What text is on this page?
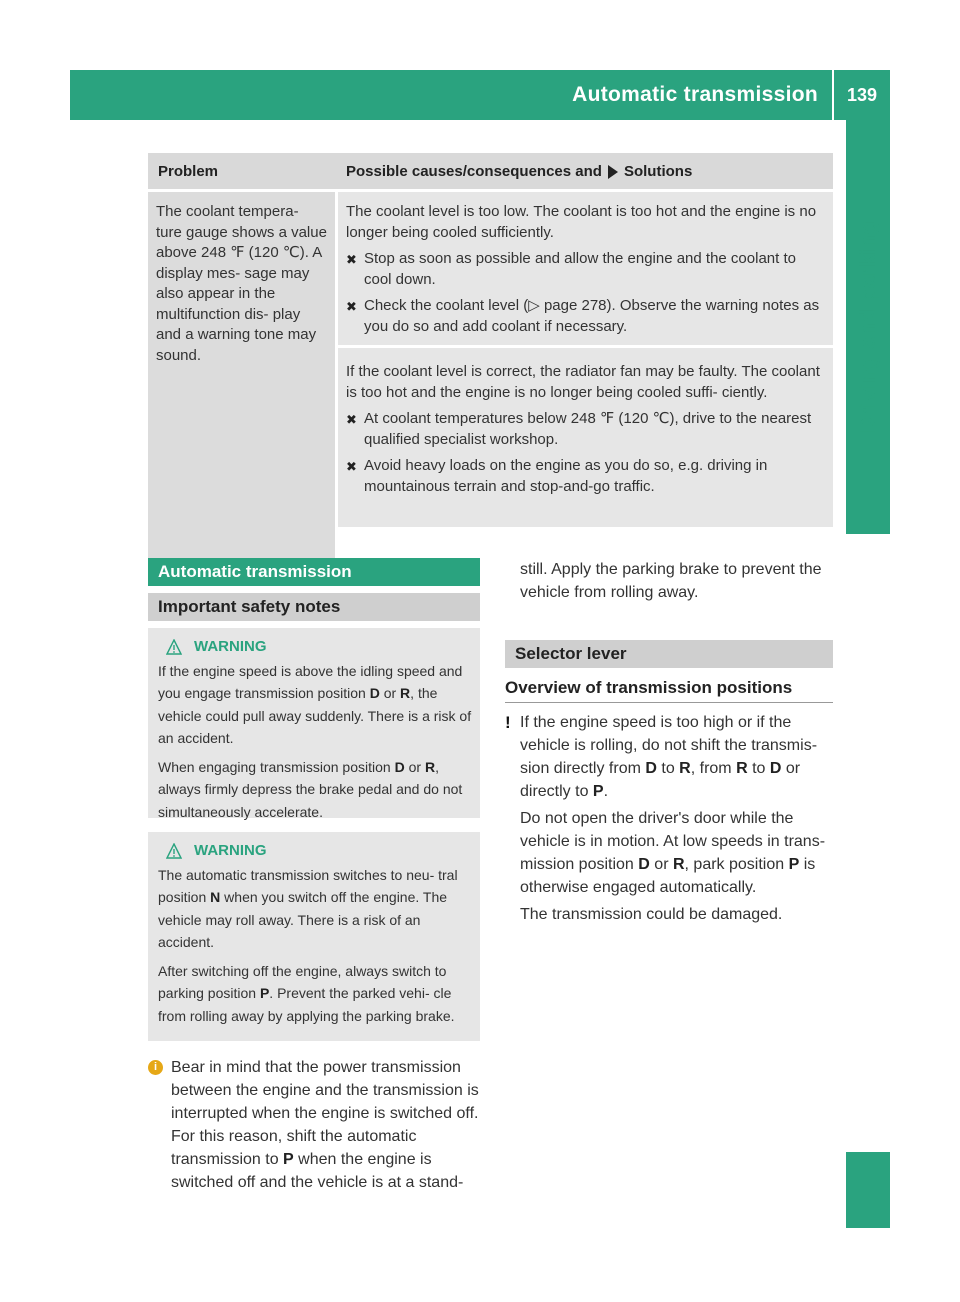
Automatic transmission	139
Driving and parking
Problem	Possible causes/consequences and Solutions
The coolant tempera- ture gauge shows a value above 248 ℉ (120 ℃). A display mes- sage may also appear in the multifunction dis- play and a warning tone may sound.

The coolant level is too low. The coolant is too hot and the engine is no longer being cooled sufficiently.

✖ Stop as soon as possible and allow the engine and the coolant to cool down.
✖ Check the coolant level (▷ page 278). Observe the warning notes as you do so and add coolant if necessary.

If the coolant level is correct, the radiator fan may be faulty. The coolant is too hot and the engine is no longer being cooled suffi- ciently.

✖ At coolant temperatures below 248 ℉ (120 ℃), drive to the nearest qualified specialist workshop.
✖ Avoid heavy loads on the engine as you do so, e.g. driving in mountainous terrain and stop-and-go traffic.
Automatic transmission
Important safety notes
WARNING

If the engine speed is above the idling speed and you engage transmission position D or R, the vehicle could pull away suddenly. There is a risk of an accident.

When engaging transmission position D or R, always firmly depress the brake pedal and do not simultaneously accelerate.

WARNING

The automatic transmission switches to neu- tral position N when you switch off the engine. The vehicle may roll away. There is a risk of an accident.

After switching off the engine, always switch to parking position P. Prevent the parked vehi- cle from rolling away by applying the parking brake.

i Bear in mind that the power transmission between the engine and the transmission is interrupted when the engine is switched off. For this reason, shift the automatic transmission to P when the engine is switched off and the vehicle is at a stand-
still. Apply the parking brake to prevent the vehicle from rolling away.
Selector lever
Overview of transmission positions
! If the engine speed is too high or if the vehicle is rolling, do not shift the transmis- sion directly from D to R, from R to D or directly to P.

Do not open the driver's door while the vehicle is in motion. At low speeds in trans- mission position D or R, park position P is otherwise engaged automatically.

The transmission could be damaged.
